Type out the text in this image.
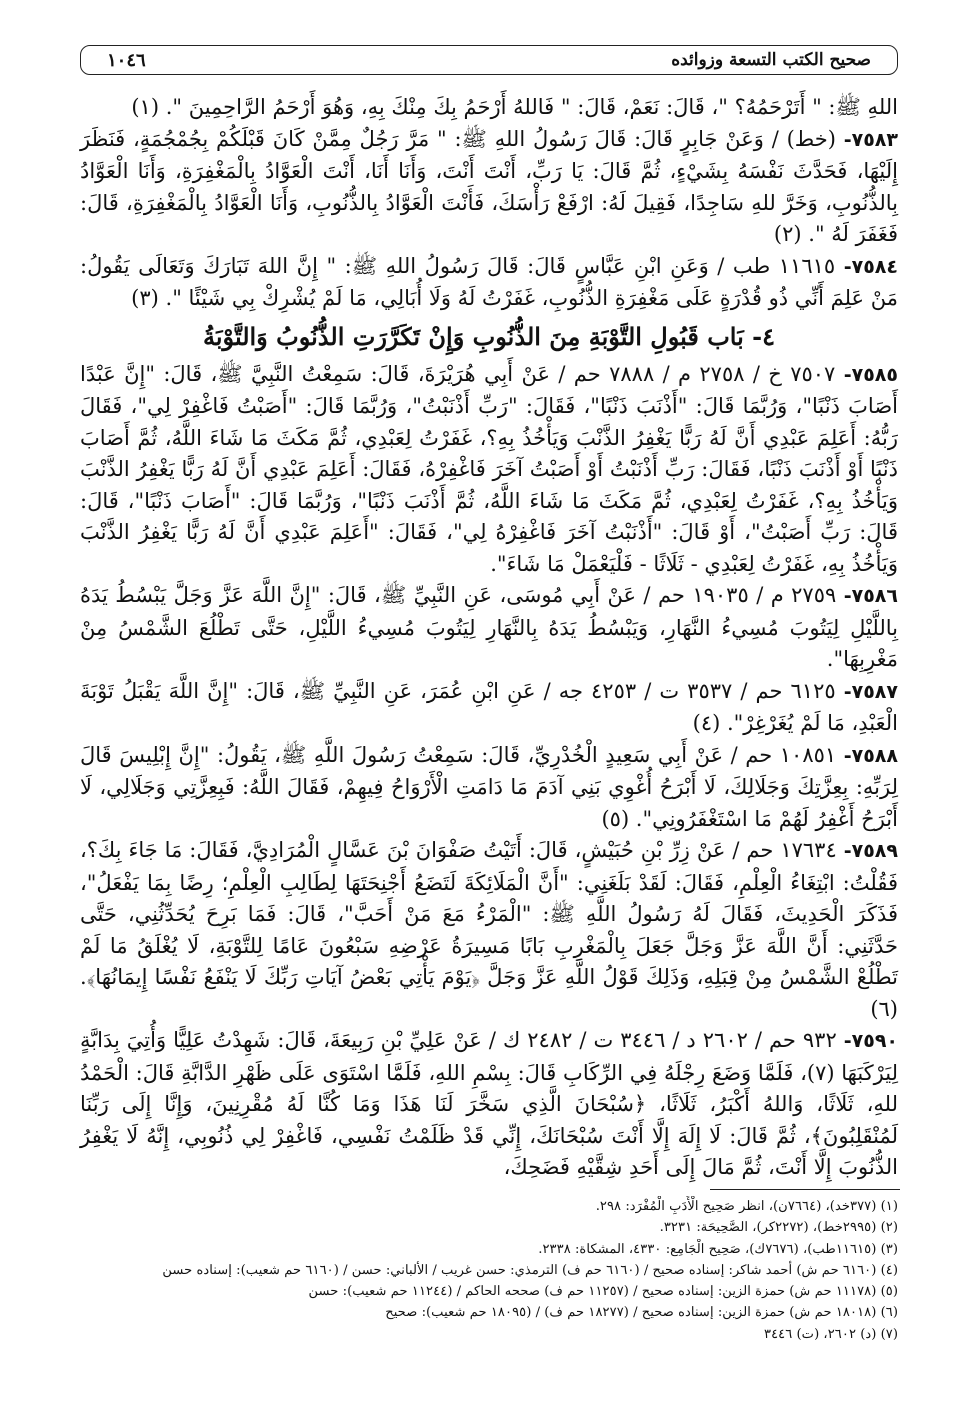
١٠٤٦	صحيح الكتب التسعة وزوائده

اللهِ ﷺ: " أَتَرْحَمُهُ؟ "، قَالَ: نَعَمْ، قَالَ: " فَاللهُ أَرْحَمُ بِكَ مِنْكَ بِهِ، وَهُوَ أَرْحَمُ الرَّاحِمِينَ ". (١)

٧٥٨٣- (خط) / وَعَنْ جَابِرٍ قَالَ: قَالَ رَسُولُ اللهِ ﷺ: " مَرَّ رَجُلٌ مِمَّنْ كَانَ قَبْلَكُمْ بِجُمْجُمَةٍ، فَنَظَرَ إِلَيْهَا، فَحَدَّثَ نَفْسَهُ بِشَيْءٍ، ثُمَّ قَالَ: يَا رَبِّ، أَنْتَ أَنْتَ، وَأَنَا أَنَا، أَنْتَ الْعَوَّادُ بِالْمَغْفِرَةِ، وَأَنَا الْعَوَّادُ بِالذُّنُوبِ، وَخَرَّ للهِ سَاجِدًا، فَقِيلَ لَهُ: ارْفَعْ رَأْسَكَ، فَأَنْتَ الْعَوَّادُ بِالذُّنُوبِ، وَأَنَا الْعَوَّادُ بِالْمَغْفِرَةِ، قَالَ: فَغَفَرَ لَهُ ". (٢)

٧٥٨٤- ١١٦١٥ طب / وَعَنِ ابْنِ عَبَّاسٍ قَالَ: قَالَ رَسُولُ اللهِ ﷺ: " إِنَّ اللهَ تَبَارَكَ وَتَعَالَى يَقُولُ: مَنْ عَلِمَ أَنِّي ذُو قُدْرَةٍ عَلَى مَغْفِرَةِ الذُّنُوبِ، غَفَرْتُ لَهُ وَلَا أُبَالِي، مَا لَمْ يُشْرِكْ بِي شَيْئًا ". (٣)

٤- بَاب قَبُولِ التَّوْبَةِ مِنَ الذُّنُوبِ وَإِنْ تَكَرَّرَتِ الذُّنُوبُ وَالتَّوْبَةُ

٧٥٨٥- ٧٥٠٧ خ / ٢٧٥٨ م / ٧٨٨٨ حم / عَنْ أَبِي هُرَيْرَةَ، قَالَ: سَمِعْتُ النَّبِيَّ ﷺ، قَالَ: "إِنَّ عَبْدًا أَصَابَ ذَنْبًا"، وَرُبَّمَا قَالَ: "أَذْنَبَ ذَنْبًا"، فَقَالَ: "رَبِّ أَذْنَبْتُ"، وَرُبَّمَا قَالَ: "أَصَبْتُ فَاغْفِرْ لِي"، فَقَالَ رَبُّهُ: أَعَلِمَ عَبْدِي أَنَّ لَهُ رَبًّا يَغْفِرُ الذَّنْبَ وَيَأْخُذُ بِهِ؟، غَفَرْتُ لِعَبْدِي، ثُمَّ مَكَثَ مَا شَاءَ اللَّهُ، ثُمَّ أَصَابَ ذَنْبًا أَوْ أَذْنَبَ ذَنْبًا، فَقَالَ: رَبِّ أَذْنَبْتُ أَوْ أَصَبْتُ آخَرَ فَاغْفِرْهُ، فَقَالَ: أَعَلِمَ عَبْدِي أَنَّ لَهُ رَبًّا يَغْفِرُ الذَّنْبَ وَيَأْخُذُ بِهِ؟، غَفَرْتُ لِعَبْدِي، ثُمَّ مَكَثَ مَا شَاءَ اللَّهُ، ثُمَّ أَذْنَبَ ذَنْبًا"، وَرُبَّمَا قَالَ: "أَصَابَ ذَنْبًا"، قَالَ: قَالَ: رَبِّ أَصَبْتُ"، أَوْ قَالَ: "أَذْنَبْتُ آخَرَ فَاغْفِرْهُ لِي"، فَقَالَ: "أَعَلِمَ عَبْدِي أَنَّ لَهُ رَبًّا يَغْفِرُ الذَّنْبَ وَيَأْخُذُ بِهِ، غَفَرْتُ لِعَبْدِي - ثَلَاثًا - فَلْيَعْمَلْ مَا شَاءَ".

٧٥٨٦- ٢٧٥٩ م / ١٩٠٣٥ حم / عَنْ أَبِي مُوسَى، عَنِ النَّبِيِّ ﷺ، قَالَ: "إِنَّ اللَّهَ عَزَّ وَجَلَّ يَبْسُطُ يَدَهُ بِاللَّيْلِ لِيَتُوبَ مُسِيءُ النَّهَارِ، وَيَبْسُطُ يَدَهُ بِالنَّهَارِ لِيَتُوبَ مُسِيءُ اللَّيْلِ، حَتَّى تَطْلُعَ الشَّمْسُ مِنْ مَغْرِبِهَا".

٧٥٨٧- ٦١٢٥ حم / ٣٥٣٧ ت / ٤٢٥٣ جه / عَنِ ابْنِ عُمَرَ، عَنِ النَّبِيِّ ﷺ، قَالَ: "إِنَّ اللَّهَ يَقْبَلُ تَوْبَةَ الْعَبْدِ، مَا لَمْ يُغَرْغِرْ". (٤)

٧٥٨٨- ١٠٨٥١ حم / عَنْ أَبِي سَعِيدٍ الْخُدْرِيِّ، قَالَ: سَمِعْتُ رَسُولَ اللَّهِ ﷺ، يَقُولُ: "إِنَّ إِبْلِيسَ قَالَ لِرَبِّهِ: بِعِزَّتِكَ وَجَلَالِكَ، لَا أَبْرَحُ أُغْوِي بَنِي آدَمَ مَا دَامَتِ الْأَرْوَاحُ فِيهِمْ، فَقَالَ اللَّهُ: فَبِعِزَّتِي وَجَلَالِي، لَا أَبْرَحُ أَغْفِرُ لَهُمْ مَا اسْتَغْفَرُونِي". (٥)

٧٥٨٩- ١٧٦٣٤ حم / عَنْ زِرِّ بْنِ حُبَيْشٍ، قَالَ: أَتَيْتُ صَفْوَانَ بْنَ عَسَّالٍ الْمُرَادِيَّ، فَقَالَ: مَا جَاءَ بِكَ؟، فَقُلْتُ: ابْتِغَاءُ الْعِلْمِ، فَقَالَ: لَقَدْ بَلَغَنِي: "أَنَّ الْمَلَائِكَةَ لَتَضَعُ أَجْنِحَتَهَا لِطَالِبِ الْعِلْمِ؛ رِضًا بِمَا يَفْعَلُ"، فَذَكَرَ الْحَدِيثَ، فَقَالَ لَهُ رَسُولُ اللَّهِ ﷺ: "الْمَرْءُ مَعَ مَنْ أَحَبَّ"، قَالَ: فَمَا بَرِحَ يُحَدِّثُنِي، حَتَّى حَدَّثَنِي: أَنَّ اللَّهَ عَزَّ وَجَلَّ جَعَلَ بِالْمَغْرِبِ بَابًا مَسِيرَةُ عَرْضِهِ سَبْعُونَ عَامًا لِلتَّوْبَةِ، لَا يُغْلَقُ مَا لَمْ تَطْلُعْ الشَّمْسُ مِنْ قِبَلِهِ، وَذَلِكَ قَوْلُ اللَّهِ عَزَّ وَجَلَّ ﴿يَوْمَ يَأْتِي بَعْضُ آيَاتِ رَبِّكَ لَا يَنْفَعُ نَفْسًا إِيمَانُهَا﴾. (٦)

٧٥٩٠- ٩٣٢ حم / ٢٦٠٢ د / ٣٤٤٦ ت / ٢٤٨٢ ك / عَنْ عَلِيِّ بْنِ رَبِيعَةَ، قَالَ: شَهِدْتُ عَلِيًّا وَأُتِيَ بِدَابَّةٍ لِيَرْكَبَهَا (٧)، فَلَمَّا وَضَعَ رِجْلَهُ فِي الرِّكَابِ قَالَ: بِسْمِ اللهِ، فَلَمَّا اسْتَوَى عَلَى ظَهْرِ الدَّابَّةِ قَالَ: الْحَمْدُ للهِ، ثَلَاثًا، وَاللهُ أَكْبَرُ، ثَلَاثًا، ﴿سُبْحَانَ الَّذِي سَخَّرَ لَنَا هَذَا وَمَا كُنَّا لَهُ مُقْرِنِينَ، وَإِنَّا إِلَى رَبِّنَا لَمُنْقَلِبُونَ﴾، ثُمَّ قَالَ: لَا إِلَهَ إِلَّا أَنْتَ سُبْحَانَكَ، إِنِّي قَدْ ظَلَمْتُ نَفْسِي، فَاغْفِرْ لِي ذُنُوبِي، إِنَّهُ لَا يَغْفِرُ الذُّنُوبَ إِلَّا أَنْتَ، ثُمَّ مَالَ إِلَى أَحَدِ شِقَّيْهِ فَضَحِكَ،

(١) (٣٧٧خد)، (٧٦٦٤ن)، انظر صَحِيح الْأَدَبِ الْمُفْرَد: ٢٩٨.
(٢) (٢٩٩٥خط)، (٢٢٧٢كر)، الصَّحِيحَة: ٣٢٣١.
(٣) (١١٦١٥طب)، (٧٦٧٦ك)، صَحِيح الْجَامِع: ٤٣٣٠، المشكاة: ٢٣٣٨.
(٤) (٦١٦٠ حم ش) أحمد شاكر: إسناده صحيح / (٦١٦٠ حم ف) الترمذي: حسن غريب / الألباني: حسن / (٦١٦٠ حم شعيب): إسناده حسن
(٥) (١١١٧٨ حم ش) حمزة الزين: إسناده صحيح / (١١٢٥٧ حم ف) صححه الحاكم / (١١٢٤٤ حم شعيب): حسن
(٦) (١٨٠١٨ حم ش) حمزة الزين: إسناده صحيح / (١٨٢٧٧ حم ف) / (١٨٠٩٥ حم شعيب): صحيح
(٧) (د) ٢٦٠٢، (ت) ٣٤٤٦
